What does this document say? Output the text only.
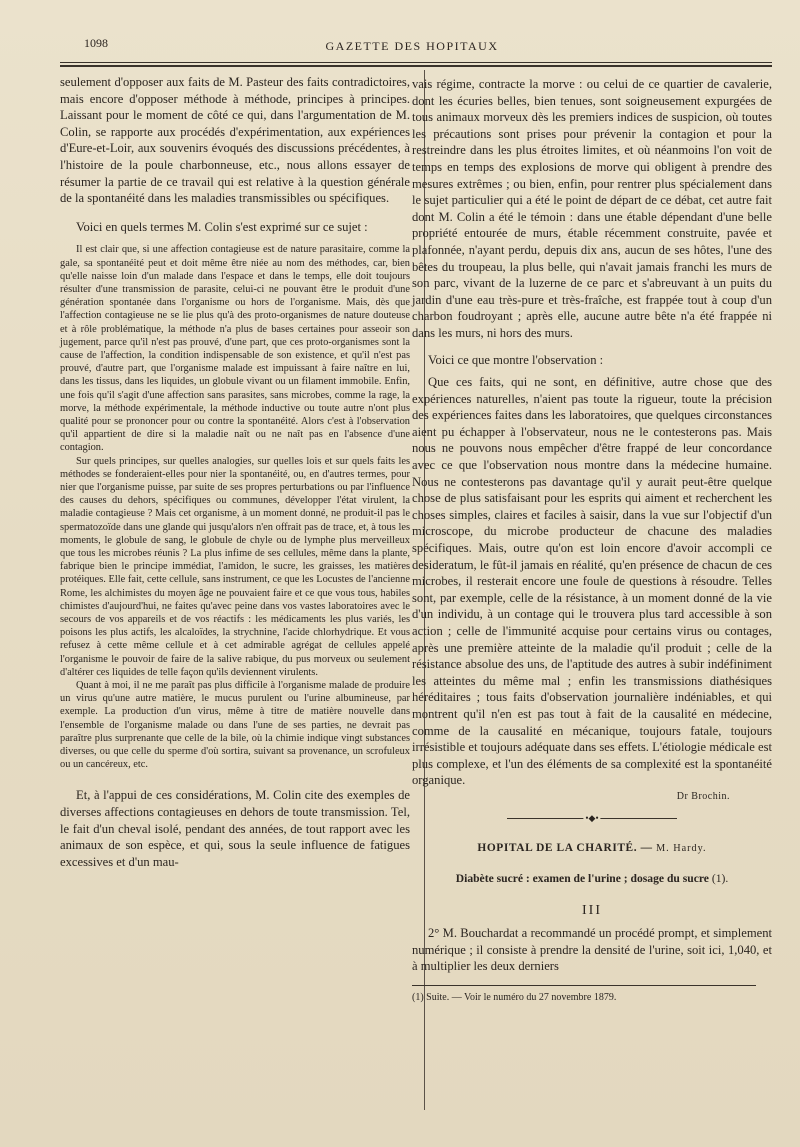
1098	GAZETTE DES HOPITAUX

seulement d'opposer aux faits de M. Pasteur des faits contradictoires, mais encore d'opposer méthode à méthode, principes à principes. Laissant pour le moment de côté ce qui, dans l'argumentation de M. Colin, se rapporte aux procédés d'expérimentation, aux expériences d'Eure-et-Loir, aux souvenirs évoqués des discussions précédentes, à l'histoire de la poule charbonneuse, etc., nous allons essayer de résumer la partie de ce travail qui est relative à la question générale de la spontanéité dans les maladies transmissibles ou spécifiques.

Voici en quels termes M. Colin s'est exprimé sur ce sujet :

Il est clair que, si une affection contagieuse est de nature parasitaire, comme la gale, sa spontanéité peut et doit même être niée au nom des méthodes, car, bien qu'elle naisse loin d'un malade dans l'espace et dans le temps, elle doit toujours résulter d'une transmission de parasite, celui-ci ne pouvant être le produit d'une génération spontanée dans l'organisme ou hors de l'organisme. Mais, dès que l'affection contagieuse ne se lie plus qu'à des proto-organismes de nature douteuse et à rôle problématique, la méthode n'a plus de bases certaines pour asseoir son jugement, parce qu'il n'est pas prouvé, d'une part, que ces proto-organismes sont la cause de l'affection, la condition indispensable de son existence, et qu'il n'est pas prouvé, d'autre part, que l'organisme malade est impuissant à faire naître en lui, dans les tissus, dans les liquides, un globule vivant ou un filament immobile. Enfin, une fois qu'il s'agit d'une affection sans parasites, sans microbes, comme la rage, la morve, la méthode expérimentale, la méthode inductive ou toute autre n'ont plus qualité pour se prononcer pour ou contre la spontanéité. Alors c'est à l'observation qu'il appartient de dire si la maladie naît ou ne naît pas en l'absence d'une contagion.

Sur quels principes, sur quelles analogies, sur quelles lois et sur quels faits les méthodes se fonderaient-elles pour nier la spontanéité, ou, en d'autres termes, pour nier que l'organisme puisse, par suite de ses propres perturbations ou par l'influence des causes du dehors, spécifiques ou communes, développer l'état virulent, la maladie contagieuse ? Mais cet organisme, à un moment donné, ne produit-il pas le spermatozoïde dans une glande qui jusqu'alors n'en offrait pas de trace, et, à tous les moments, le globule de sang, le globule de chyle ou de lymphe plus merveilleux que tous les microbes réunis ? La plus infime de ses cellules, même dans la plante, fabrique bien le principe immédiat, l'amidon, le sucre, les graisses, les matières protéiques. Elle fait, cette cellule, sans instrument, ce que les Locustes de l'ancienne Rome, les alchimistes du moyen âge ne pouvaient faire et ce que vous tous, habiles chimistes d'aujourd'hui, ne faites qu'avec peine dans vos vastes laboratoires avec le secours de vos appareils et de vos réactifs : les médicaments les plus variés, les poisons les plus actifs, les alcaloïdes, la strychnine, l'acide chlorhydrique. Et vous refusez à cette même cellule et à cet admirable agrégat de cellules appelé l'organisme le pouvoir de faire de la salive rabique, du pus morveux ou seulement d'altérer ces liquides de telle façon qu'ils deviennent virulents.

Quant à moi, il ne me paraît pas plus difficile à l'organisme malade de produire un virus qu'une autre matière, le mucus purulent ou l'urine albumineuse, par exemple. La production d'un virus, même à titre de matière nouvelle dans l'ensemble de l'organisme malade ou dans l'une de ses parties, ne devrait pas paraître plus surprenante que celle de la bile, où la chimie indique vingt substances diverses, ou que celle du sperme d'où sortira, suivant sa provenance, un scrofuleux ou un cancéreux, etc.

Et, à l'appui de ces considérations, M. Colin cite des exemples de diverses affections contagieuses en dehors de toute transmission. Tel, le fait d'un cheval isolé, pendant des années, de tout rapport avec les animaux de son espèce, et qui, sous la seule influence de fatigues excessives et d'un mau-

vais régime, contracte la morve : ou celui de ce quartier de cavalerie, dont les écuries belles, bien tenues, sont soigneusement expurgées de tous animaux morveux dès les premiers indices de suspicion, où toutes les précautions sont prises pour prévenir la contagion et pour la restreindre dans les plus étroites limites, et où néanmoins l'on voit de temps en temps des explosions de morve qui obligent à prendre des mesures extrêmes ; ou bien, enfin, pour rentrer plus spécialement dans le sujet particulier qui a été le point de départ de ce débat, cet autre fait dont M. Colin a été le témoin : dans une étable dépendant d'une belle propriété entourée de murs, étable récemment construite, pavée et plafonnée, n'ayant perdu, depuis dix ans, aucun de ses hôtes, l'une des bêtes du troupeau, la plus belle, qui n'avait jamais franchi les murs de son parc, vivant de la luzerne de ce parc et s'abreuvant à un puits du jardin d'une eau très-pure et très-fraîche, est frappée tout à coup d'un charbon foudroyant ; après elle, aucune autre bête n'a été frappée ni dans les murs, ni hors des murs.

Voici ce que montre l'observation :

Que ces faits, qui ne sont, en définitive, autre chose que des expériences naturelles, n'aient pas toute la rigueur, toute la précision des expériences faites dans les laboratoires, que quelques circonstances aient pu échapper à l'observateur, nous ne le contesterons pas. Mais nous ne pouvons nous empêcher d'être frappé de leur concordance avec ce que l'observation nous montre dans la médecine humaine. Nous ne contesterons pas davantage qu'il y aurait peut-être quelque chose de plus satisfaisant pour les esprits qui aiment et recherchent les choses simples, claires et faciles à saisir, dans la vue sur l'objectif d'un microscope, du microbe producteur de chacune des maladies spécifiques. Mais, outre qu'on est loin encore d'avoir accompli ce desideratum, le fût-il jamais en réalité, qu'en présence de chacun de ces microbes, il resterait encore une foule de questions à résoudre. Telles sont, par exemple, celle de la résistance, à un moment donné de la vie d'un individu, à un contage qui le trouvera plus tard accessible à son action ; celle de l'immunité acquise pour certains virus ou contages, après une première atteinte de la maladie qu'il produit ; celle de la résistance absolue des uns, de l'aptitude des autres à subir indéfiniment les atteintes du même mal ; enfin les transmissions diathésiques héréditaires ; tous faits d'observation journalière indéniables, et qui montrent qu'il n'en est pas tout à fait de la causalité en médecine, comme de la causalité en mécanique, toujours fatale, toujours irrésistible et toujours adéquate dans ses effets. L'étiologie médicale est plus complexe, et l'un des éléments de sa complexité est la spontanéité organique.

Dr Brochin.
•◆•
HOPITAL DE LA CHARITÉ. — M. Hardy.
Diabète sucré : examen de l'urine ; dosage du sucre (1).
III

2° M. Bouchardat a recommandé un procédé prompt, et simplement numérique ; il consiste à prendre la densité de l'urine, soit ici, 1,040, et à multiplier les deux derniers

(1) Suite. — Voir le numéro du 27 novembre 1879.
